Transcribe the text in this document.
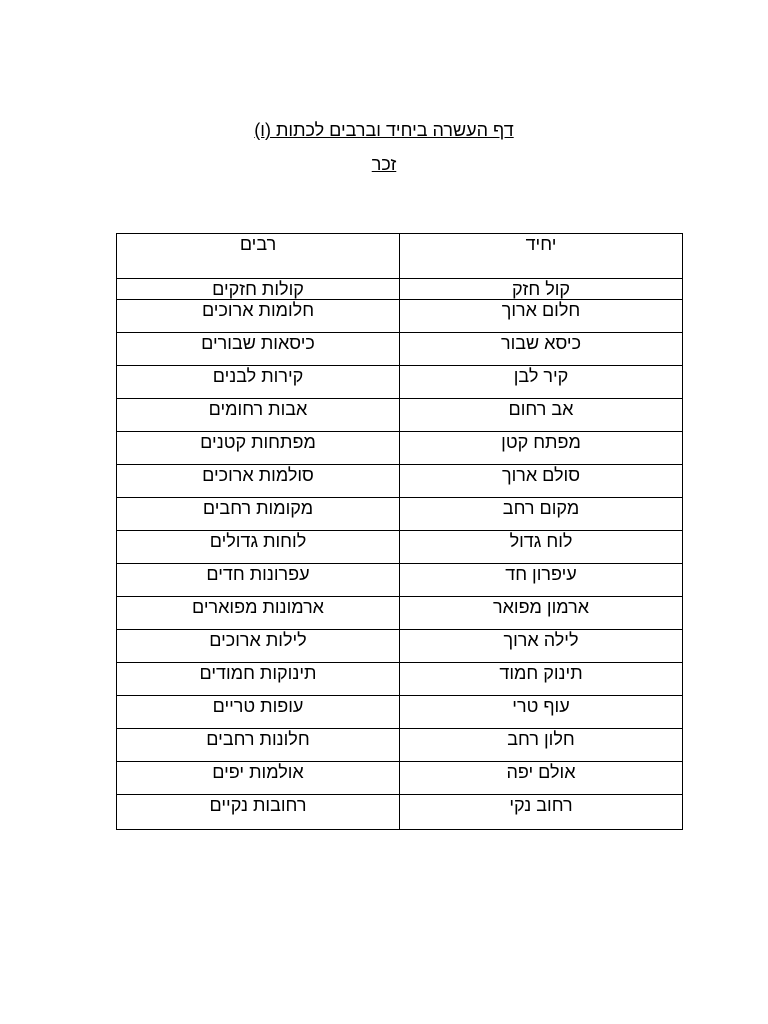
דף העשרה ביחיד וברבים לכתות (ו)
זכר
יחיד	רבים
קול חזק	קולות חזקים
חלום ארוך	חלומות ארוכים
כיסא שבור	כיסאות שבורים
קיר לבן	קירות לבנים
אב רחום	אבות רחומים
מפתח קטן	מפתחות קטנים
סולם ארוך	סולמות ארוכים
מקום רחב	מקומות רחבים
לוח גדול	לוחות גדולים
עיפרון חד	עפרונות חדים
ארמון מפואר	ארמונות מפוארים
לילה ארוך	לילות ארוכים
תינוק חמוד	תינוקות חמודים
עוף טרי	עופות טריים
חלון רחב	חלונות רחבים
אולם יפה	אולמות יפים
רחוב נקי	רחובות נקיים
